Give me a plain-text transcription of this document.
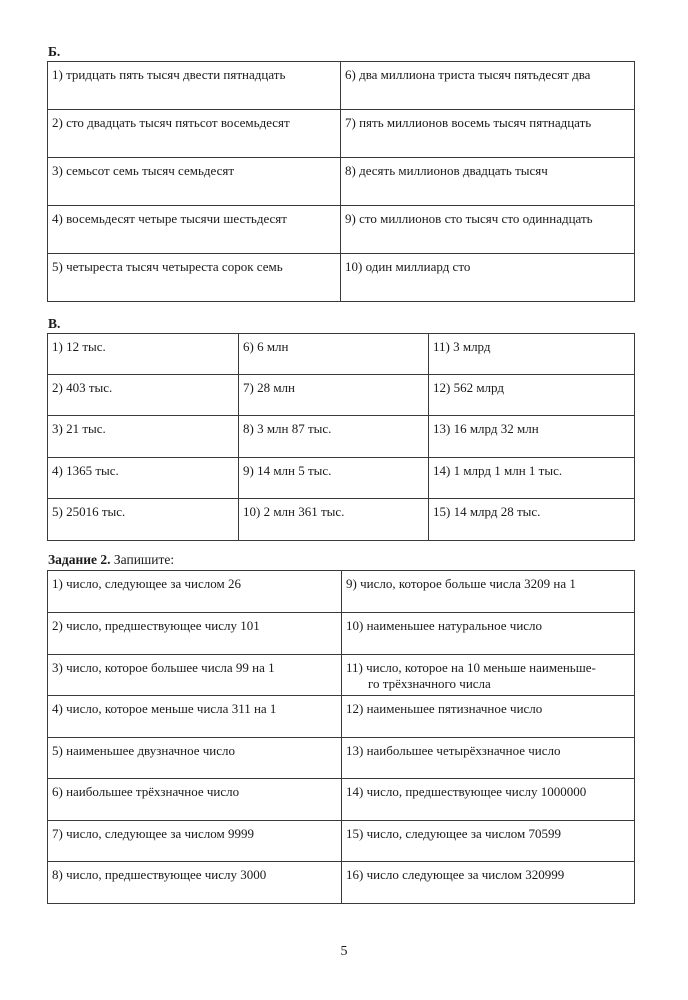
Б.
1) тридцать пять тысяч двести пятнадцать	6) два миллиона триста тысяч пятьдесят два
2) сто двадцать тысяч пятьсот восемьдесят	7) пять миллионов восемь тысяч пятнадцать
3) семьсот семь тысяч семьдесят	8) десять миллионов двадцать тысяч
4) восемьдесят четыре тысячи шестьдесят	9) сто миллионов сто тысяч сто одиннадцать
5) четыреста тысяч четыреста сорок семь	10) один миллиард сто
В.
1) 12 тыс.	6) 6 млн	11) 3 млрд
2) 403 тыс.	7) 28 млн	12) 562 млрд
3) 21 тыс.	8) 3 млн 87 тыс.	13) 16 млрд 32 млн
4) 1365 тыс.	9) 14 млн 5 тыс.	14) 1 млрд 1 млн 1 тыс.
5) 25016 тыс.	10) 2 млн 361 тыс.	15) 14 млрд 28 тыс.
Задание 2. Запишите:
1) число, следующее за числом 26	9) число, которое больше числа 3209 на 1
2) число, предшествующее числу 101	10) наименьшее натуральное число
3) число, которое большее числа 99 на 1	11) число, которое на 10 меньше наименьше-
го трёхзначного числа

4) число, которое меньше числа 311 на 1	12) наименьшее пятизначное число
5) наименьшее двузначное число	13) наибольшее четырёхзначное число
6) наибольшее трёхзначное число	14) число, предшествующее числу 1000000
7) число, следующее за числом 9999	15) число, следующее за числом 70599
8) число, предшествующее числу 3000	16) число следующее за числом 320999
5
